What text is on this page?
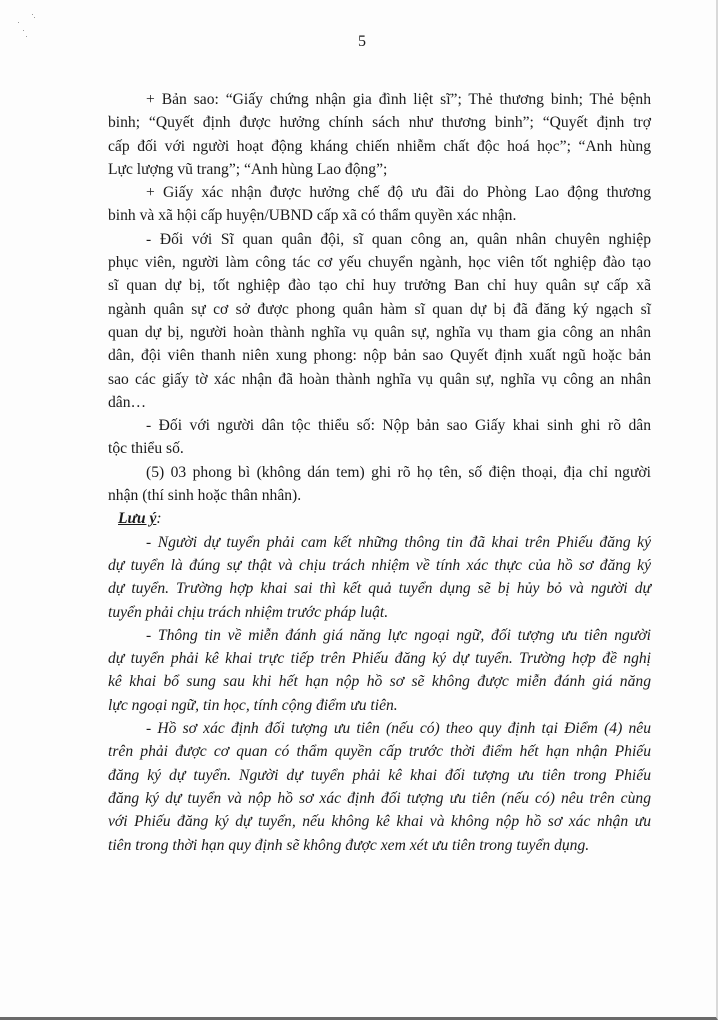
5
+ Bản sao: “Giấy chứng nhận gia đình liệt sĩ”; Thẻ thương binh; Thẻ bệnh
binh; “Quyết định được hưởng chính sách như thương binh”; “Quyết định trợ
cấp đối với người hoạt động kháng chiến nhiễm chất độc hoá học”; “Anh hùng
Lực lượng vũ trang”; “Anh hùng Lao động”;
+ Giấy xác nhận được hưởng chế độ ưu đãi do Phòng Lao động thương
binh và xã hội cấp huyện/UBND cấp xã có thẩm quyền xác nhận.
- Đối với Sĩ quan quân đội, sĩ quan công an, quân nhân chuyên nghiệp
phục viên, người làm công tác cơ yếu chuyển ngành, học viên tốt nghiệp đào tạo
sĩ quan dự bị, tốt nghiệp đào tạo chỉ huy trưởng Ban chỉ huy quân sự cấp xã
ngành quân sự cơ sở được phong quân hàm sĩ quan dự bị đã đăng ký ngạch sĩ
quan dự bị, người hoàn thành nghĩa vụ quân sự, nghĩa vụ tham gia công an nhân
dân, đội viên thanh niên xung phong: nộp bản sao Quyết định xuất ngũ hoặc bản
sao các giấy tờ xác nhận đã hoàn thành nghĩa vụ quân sự, nghĩa vụ công an nhân
dân…
- Đối với người dân tộc thiểu số: Nộp bản sao Giấy khai sinh ghi rõ dân
tộc thiểu số.
(5) 03 phong bì (không dán tem) ghi rõ họ tên, số điện thoại, địa chỉ người
nhận (thí sinh hoặc thân nhân).
Lưu ý:
- Người dự tuyển phải cam kết những thông tin đã khai trên Phiếu đăng ký
dự tuyển là đúng sự thật và chịu trách nhiệm về tính xác thực của hồ sơ đăng ký
dự tuyển. Trường hợp khai sai thì kết quả tuyển dụng sẽ bị hủy bỏ và người dự
tuyển phải chịu trách nhiệm trước pháp luật.
- Thông tin về miễn đánh giá năng lực ngoại ngữ, đối tượng ưu tiên người
dự tuyển phải kê khai trực tiếp trên Phiếu đăng ký dự tuyển. Trường hợp đề nghị
kê khai bổ sung sau khi hết hạn nộp hồ sơ sẽ không được miễn đánh giá năng
lực ngoại ngữ, tin học, tính cộng điểm ưu tiên.
- Hồ sơ xác định đối tượng ưu tiên (nếu có) theo quy định tại Điểm (4) nêu
trên phải được cơ quan có thẩm quyền cấp trước thời điểm hết hạn nhận Phiếu
đăng ký dự tuyển. Người dự tuyển phải kê khai đối tượng ưu tiên trong Phiếu
đăng ký dự tuyển và nộp hồ sơ xác định đối tượng ưu tiên (nếu có) nêu trên cùng
với Phiếu đăng ký dự tuyển, nếu không kê khai và không nộp hồ sơ xác nhận ưu
tiên trong thời hạn quy định sẽ không được xem xét ưu tiên trong tuyển dụng.
